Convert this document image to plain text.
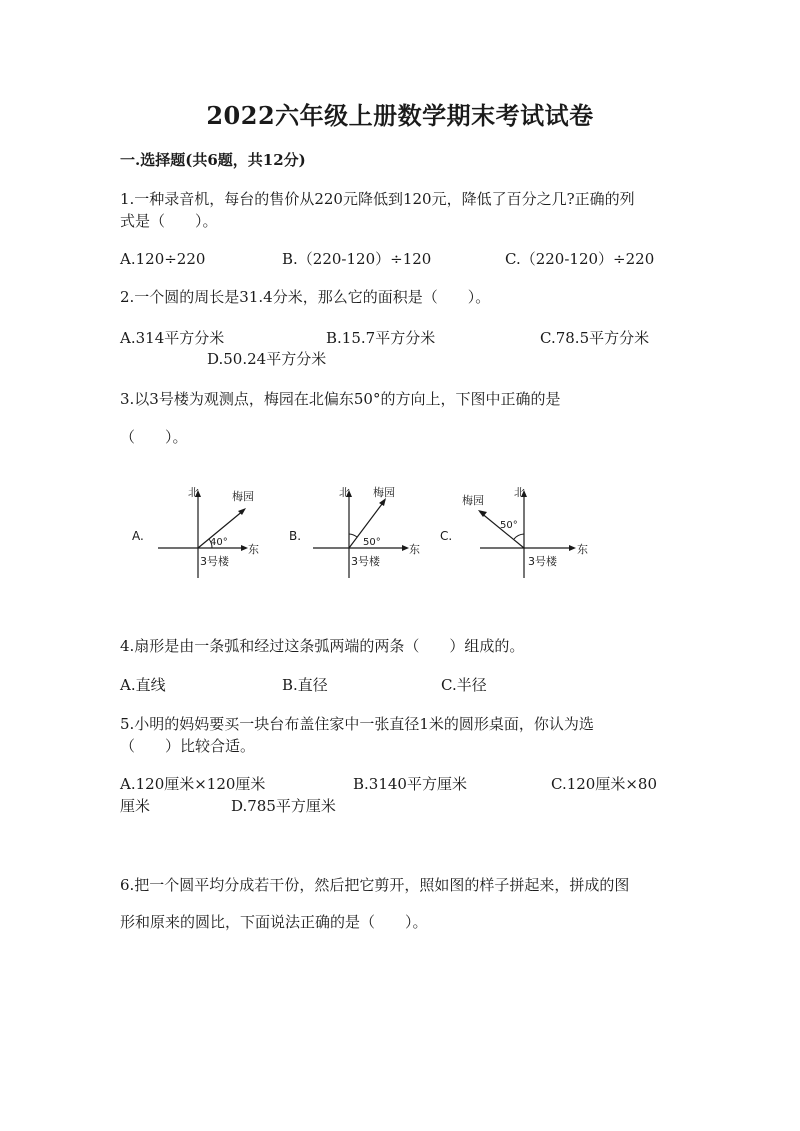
2022六年级上册数学期末考试试卷
一.选择题(共6题，共12分)
1.一种录音机，每台的售价从220元降低到120元，降低了百分之几?正确的列
式是（　　）。
A.120÷220	B.（220-120）÷120	C.（220-120）÷220
2.一个圆的周长是31.4分米，那么它的面积是（　　）。
A.314平方分米	B.15.7平方分米	C.78.5平方分米
D.50.24平方分米
3.以3号楼为观测点，梅园在北偏东50°的方向上，下图中正确的是
（　　）。
A.
北	梅园
40°
东
3号楼
B.
北 梅园
50°
东
3号楼
C.
北
梅园
50°
东
3号楼
4.扇形是由一条弧和经过这条弧两端的两条（　　）组成的。
A.直线	B.直径	C.半径
5.小明的妈妈要买一块台布盖住家中一张直径1米的圆形桌面，你认为选
（　　）比较合适。
A.120厘米×120厘米	B.3140平方厘米	C.120厘米×80
厘米	D.785平方厘米
6.把一个圆平均分成若干份，然后把它剪开，照如图的样子拼起来，拼成的图
形和原来的圆比，下面说法正确的是（　　）。
